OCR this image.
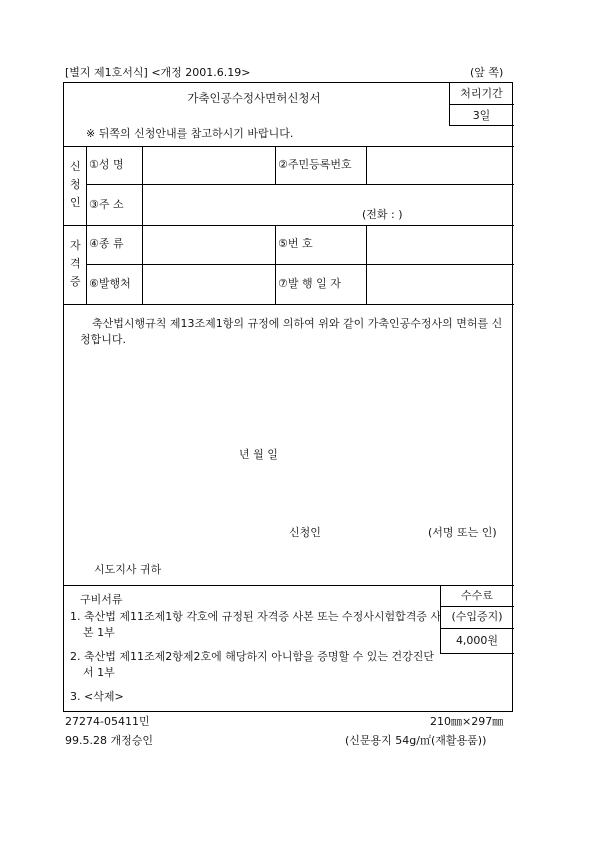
[별지 제1호서식] <개정 2001.6.19>	(앞 쪽)
가축인공수정사면허신청서	처리기간
3일
※ 뒤쪽의 신청안내를 참고하시기 바랍니다.
신
청
인
①성 명	②주민등록번호
③주 소
(전화 : )
자
격
증
④종 류	⑤번 호
⑥발행처	⑦발 행 일 자
축산법시행규칙 제13조제1항의 규정에 의하여 위와 같이 가축인공수정사의 면허를 신청합니다.
년 월 일
신청인	(서명 또는 인)
시도지사 귀하
구비서류
1. 축산법 제11조제1항 각호에 규정된 자격증 사본 또는 수정사시험합격증 사본 1부
2. 축산법 제11조제2항제2호에 해당하지 아니함을 증명할 수 있는 건강진단서 1부
3. <삭제>
수수료
(수입증지)
4,000원
27274-05411민	210㎜×297㎜
99.5.28 개정승인	(신문용지 54g/㎡(재활용품))
